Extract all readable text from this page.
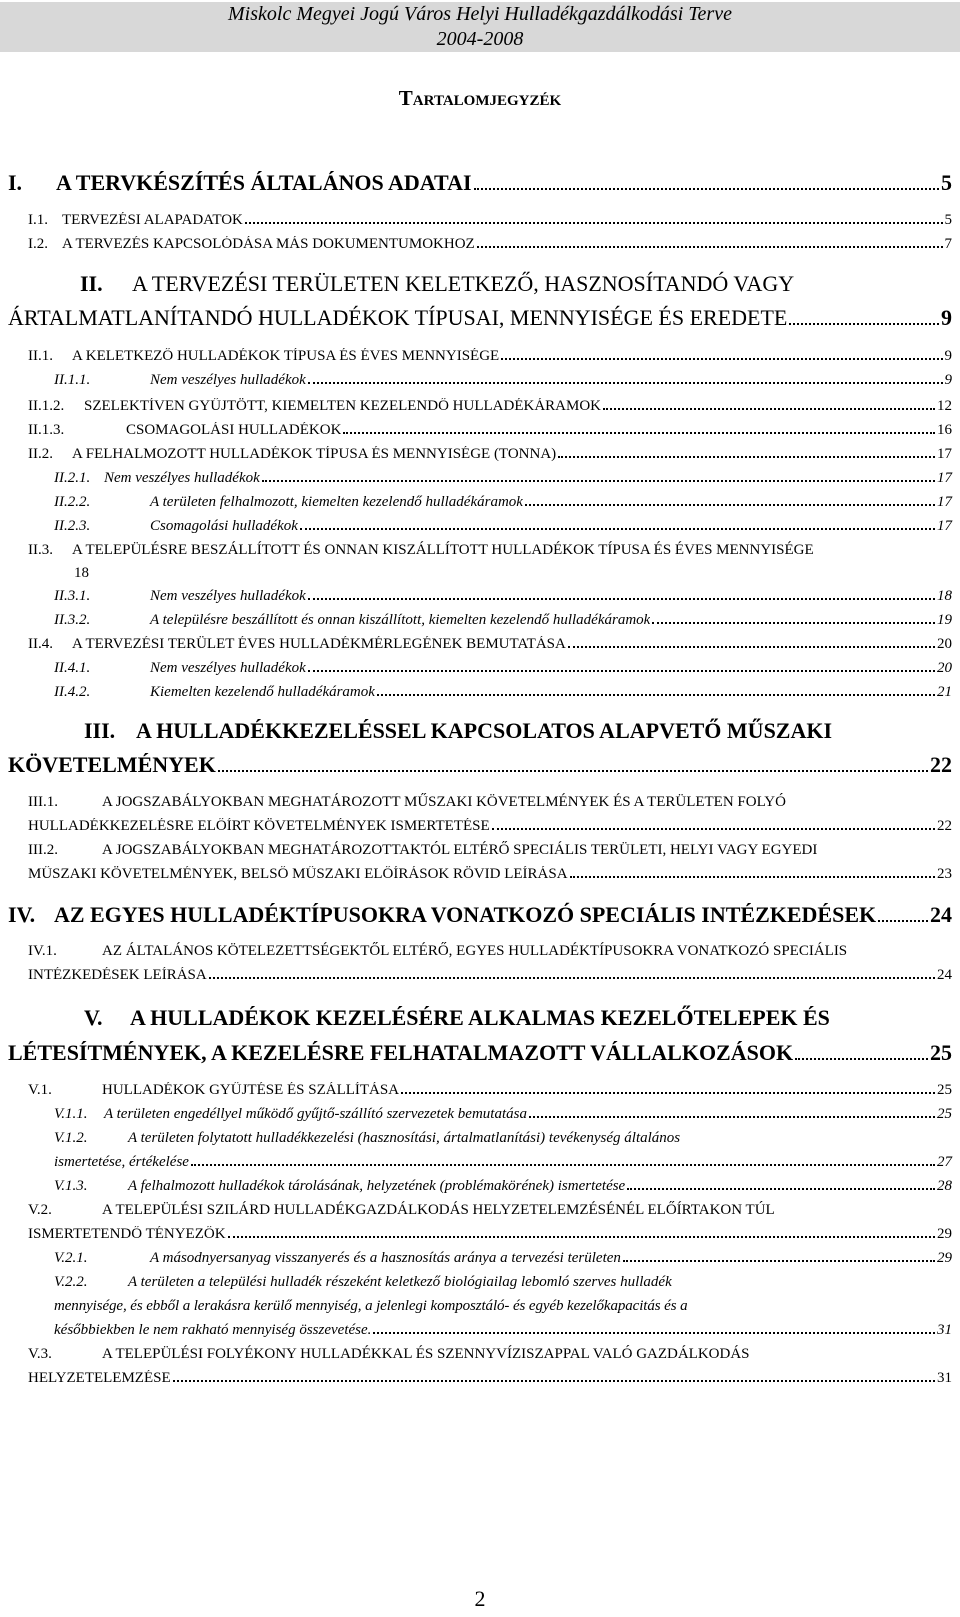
Miskolc Megyei Jogú Város Helyi Hulladékgazdálkodási Terve
2004-2008
Tartalomjegyzék
I. A TERVKÉSZÍTÉS ÁLTALÁNOS ADATAI	5
I.1. TERVEZÉSI ALAPADATOK	5
I.2. A TERVEZÉS KAPCSOLÓDÁSA MÁS DOKUMENTUMOKHOZ	7
II. A TERVEZÉSI TERÜLETEN KELETKEZŐ, HASZNOSÍTANDÓ VAGY
ÁRTALMATLANÍTANDÓ HULLADÉKOK TÍPUSAI, MENNYISÉGE ÉS EREDETE	9
II.1. A KELETKEZŐ HULLADÉKOK TÍPUSA ÉS ÉVES MENNYISÉGE	9
II.1.1.	Nem veszélyes hulladékok	9
II.1.2. SZELEKTÍVEN GYŰJTÖTT, KIEMELTEN KEZELENDŐ HULLADÉKÁRAMOK	12
II.1.3.	CSOMAGOLÁSI HULLADÉKOK	16
II.2. A FELHALMOZOTT HULLADÉKOK TÍPUSA ÉS MENNYISÉGE (TONNA)	17
II.2.1. Nem veszélyes hulladékok	17
II.2.2.	A területen felhalmozott, kiemelten kezelendő hulladékáramok	17
II.2.3.	Csomagolási hulladékok	17
II.3. A TELEPÜLÉSRE BESZÁLLÍTOTT ÉS ONNAN KISZÁLLÍTOTT HULLADÉKOK TÍPUSA ÉS ÉVES MENNYISÉGE
18
II.3.1.	Nem veszélyes hulladékok	18
II.3.2.	A településre beszállított és onnan kiszállított, kiemelten kezelendő hulladékáramok	19
II.4. A TERVEZÉSI TERÜLET ÉVES HULLADÉKMÉRLEGÉNEK BEMUTATÁSA	20
II.4.1.	Nem veszélyes hulladékok	20
II.4.2.	Kiemelten kezelendő hulladékáramok	21
III. A HULLADÉKKEZELÉSSEL KAPCSOLATOS ALAPVETŐ MŰSZAKI
KÖVETELMÉNYEK	22
III.1.	A JOGSZABÁLYOKBAN MEGHATÁROZOTT MŰSZAKI KÖVETELMÉNYEK ÉS A TERÜLETEN FOLYÓ
HULLADÉKKEZELÉSRE ELŐÍRT KÖVETELMÉNYEK ISMERTETÉSE	22
III.2.	A JOGSZABÁLYOKBAN MEGHATÁROZOTTAKTÓL ELTÉRŐ SPECIÁLIS TERÜLETI, HELYI VAGY EGYEDI
MŰSZAKI KÖVETELMÉNYEK, BELSŐ MŰSZAKI ELŐÍRÁSOK RÖVID LEÍRÁSA	23
IV. AZ EGYES HULLADÉKTÍPUSOKRA VONATKOZÓ SPECIÁLIS INTÉZKEDÉSEK 24
IV.1.	AZ ÁLTALÁNOS KÖTELEZETTSÉGEKTŐL ELTÉRŐ, EGYES HULLADÉKTÍPUSOKRA VONATKOZÓ SPECIÁLIS
INTÉZKEDÉSEK LEÍRÁSA	24
V. A HULLADÉKOK KEZELÉSÉRE ALKALMAS KEZELŐTELEPEK ÉS
LÉTESÍTMÉNYEK, A KEZELÉSRE FELHATALMAZOTT VÁLLALKOZÁSOK	25
V.1.	HULLADÉKOK GYŰJTÉSE ÉS SZÁLLÍTÁSA	25
V.1.1. A területen engedéllyel működő gyűjtő-szállító szervezetek bemutatása	25
V.1.2.	A területen folytatott hulladékkezelési (hasznosítási, ártalmatlanítási) tevékenység általános
ismertetése, értékelése	27
V.1.3.	A felhalmozott hulladékok tárolásának, helyzetének (problémakörének) ismertetése	28
V.2.	A TELEPÜLÉSI SZILÁRD HULLADÉKGAZDÁLKODÁS HELYZETELEMZÉSÉNÉL ELŐÍRTAKON TÚL
ISMERTETENDŐ TÉNYEZŐK	29
V.2.1.	A másodnyersanyag visszanyerés és a hasznosítás aránya a tervezési területen	29
V.2.2.	A területen a települési hulladék részeként keletkező biológiailag lebomló szerves hulladék
mennyisége, és ebből a lerakásra kerülő mennyiség, a jelenlegi komposztáló- és egyéb kezelőkapacitás és a
későbbiekben le nem rakható mennyiség összevetése.	31
V.3.	A TELEPÜLÉSI FOLYÉKONY HULLADÉKKAL ÉS SZENNYVÍZISZAPPAL VALÓ GAZDÁLKODÁS
HELYZETELEMZÉSE	31
2
